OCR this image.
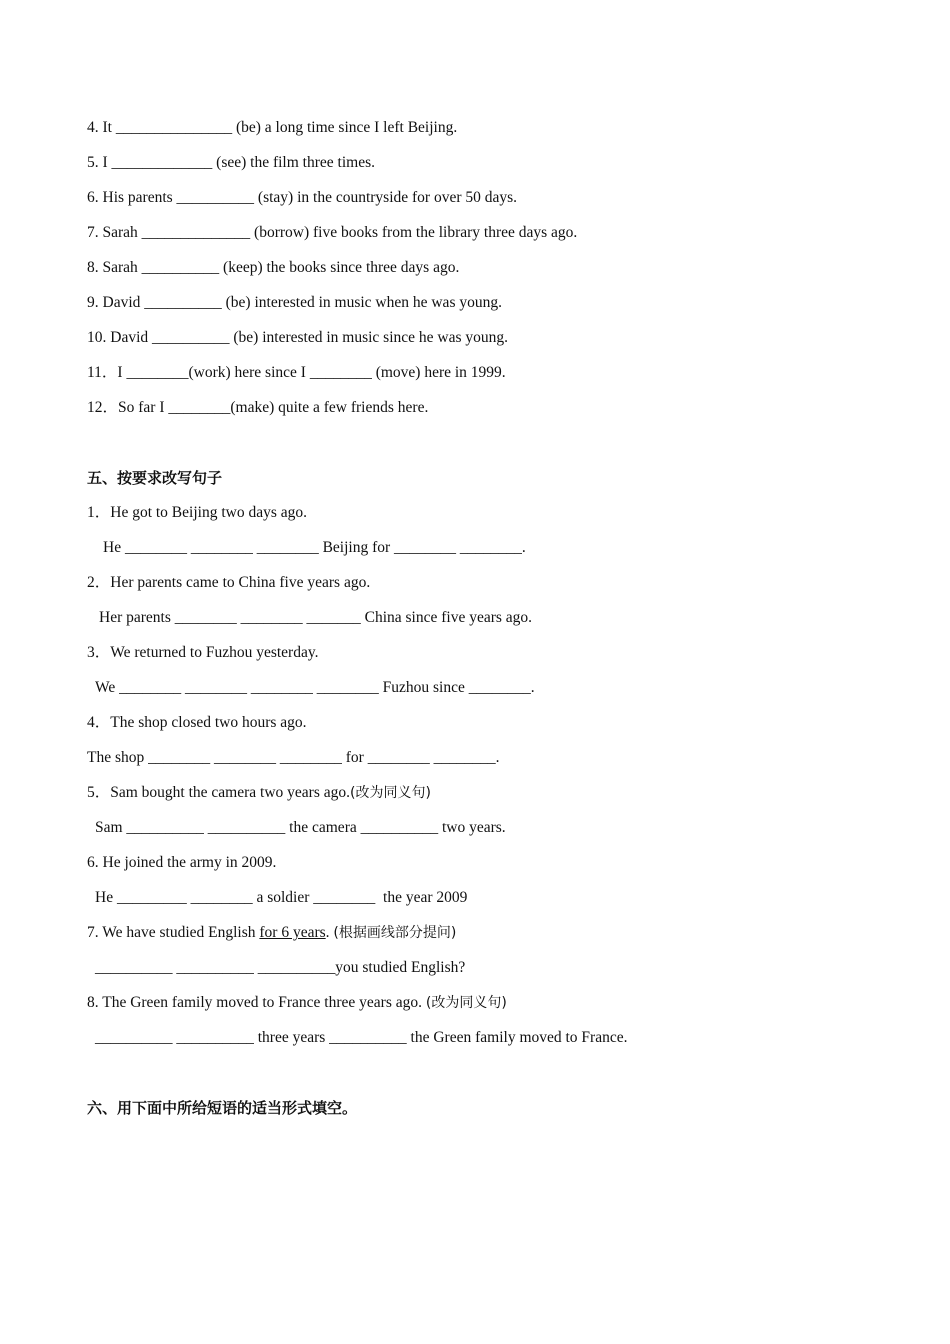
4. It _______________ (be) a long time since I left Beijing.
5. I _____________ (see) the film three times.
6. His parents __________ (stay) in the countryside for over 50 days.
7. Sarah ______________ (borrow) five books from the library three days ago.
8. Sarah __________ (keep) the books since three days ago.
9. David __________ (be) interested in music when he was young.
10. David __________ (be) interested in music since he was young.
11．I ________(work) here since I ________ (move) here in 1999.
12．So far I ________(make) quite a few friends here.
五、按要求改写句子
1．He got to Beijing two days ago.
He ________ ________ ________ Beijing for ________ ________.
2．Her parents came to China five years ago.
Her parents ________ ________ _______ China since five years ago.
3．We returned to Fuzhou yesterday.
We ________ ________ ________ ________ Fuzhou since ________.
4．The shop closed two hours ago.
The shop ________ ________ ________ for ________ ________.
5．Sam bought the camera two years ago.(改为同义句)
Sam __________ __________ the camera __________ two years.
6. He joined the army in 2009.
He _________ ________ a soldier ________  the year 2009
7. We have studied English for 6 years. (根据画线部分提问)
__________ __________ __________you studied English?
8. The Green family moved to France three years ago. (改为同义句)
__________ __________ three years __________ the Green family moved to France.
六、用下面中所给短语的适当形式填空。
